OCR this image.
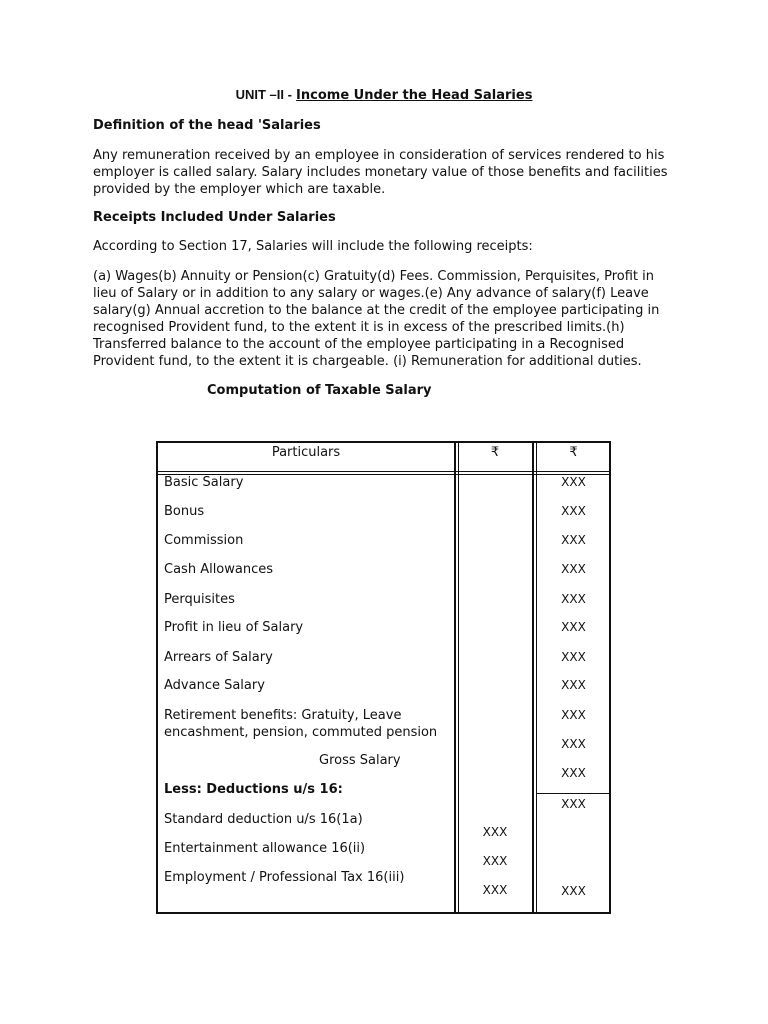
UNIT –II - Income Under the Head Salaries
Definition of the head 'Salaries
Any remuneration received by an employee in consideration of services rendered to his employer is called salary. Salary includes monetary value of those benefits and facilities provided by the employer which are taxable.
Receipts Included Under Salaries
According to Section 17, Salaries will include the following receipts:
(a) Wages(b) Annuity or Pension(c) Gratuity(d) Fees. Commission, Perquisites, Profit in lieu of Salary or in addition to any salary or wages.(e) Any advance of salary(f) Leave salary(g) Annual accretion to the balance at the credit of the employee participating in recognised Provident fund, to the extent it is in excess of the prescribed limits.(h) Transferred balance to the account of the employee participating in a Recognised Provident fund, to the extent it is chargeable. (i) Remuneration for additional duties.
Computation of Taxable Salary
Particulars	₹	₹
Basic Salary
Bonus
Commission
Cash Allowances
Perquisites
Profit in lieu of Salary
Arrears of Salary
Advance Salary
Retirement benefits: Gratuity, Leave encashment, pension, commuted pension
Gross Salary
Less: Deductions u/s 16:
Standard deduction u/s 16(1a)
Entertainment allowance 16(ii)
Employment / Professional Tax 16(iii)
XXX
XXX
XXX
XXX
XXX
XXX
XXX
XXX
XXX
XXX
XXX
XXX
XXX
XXX
XXX
XXX
